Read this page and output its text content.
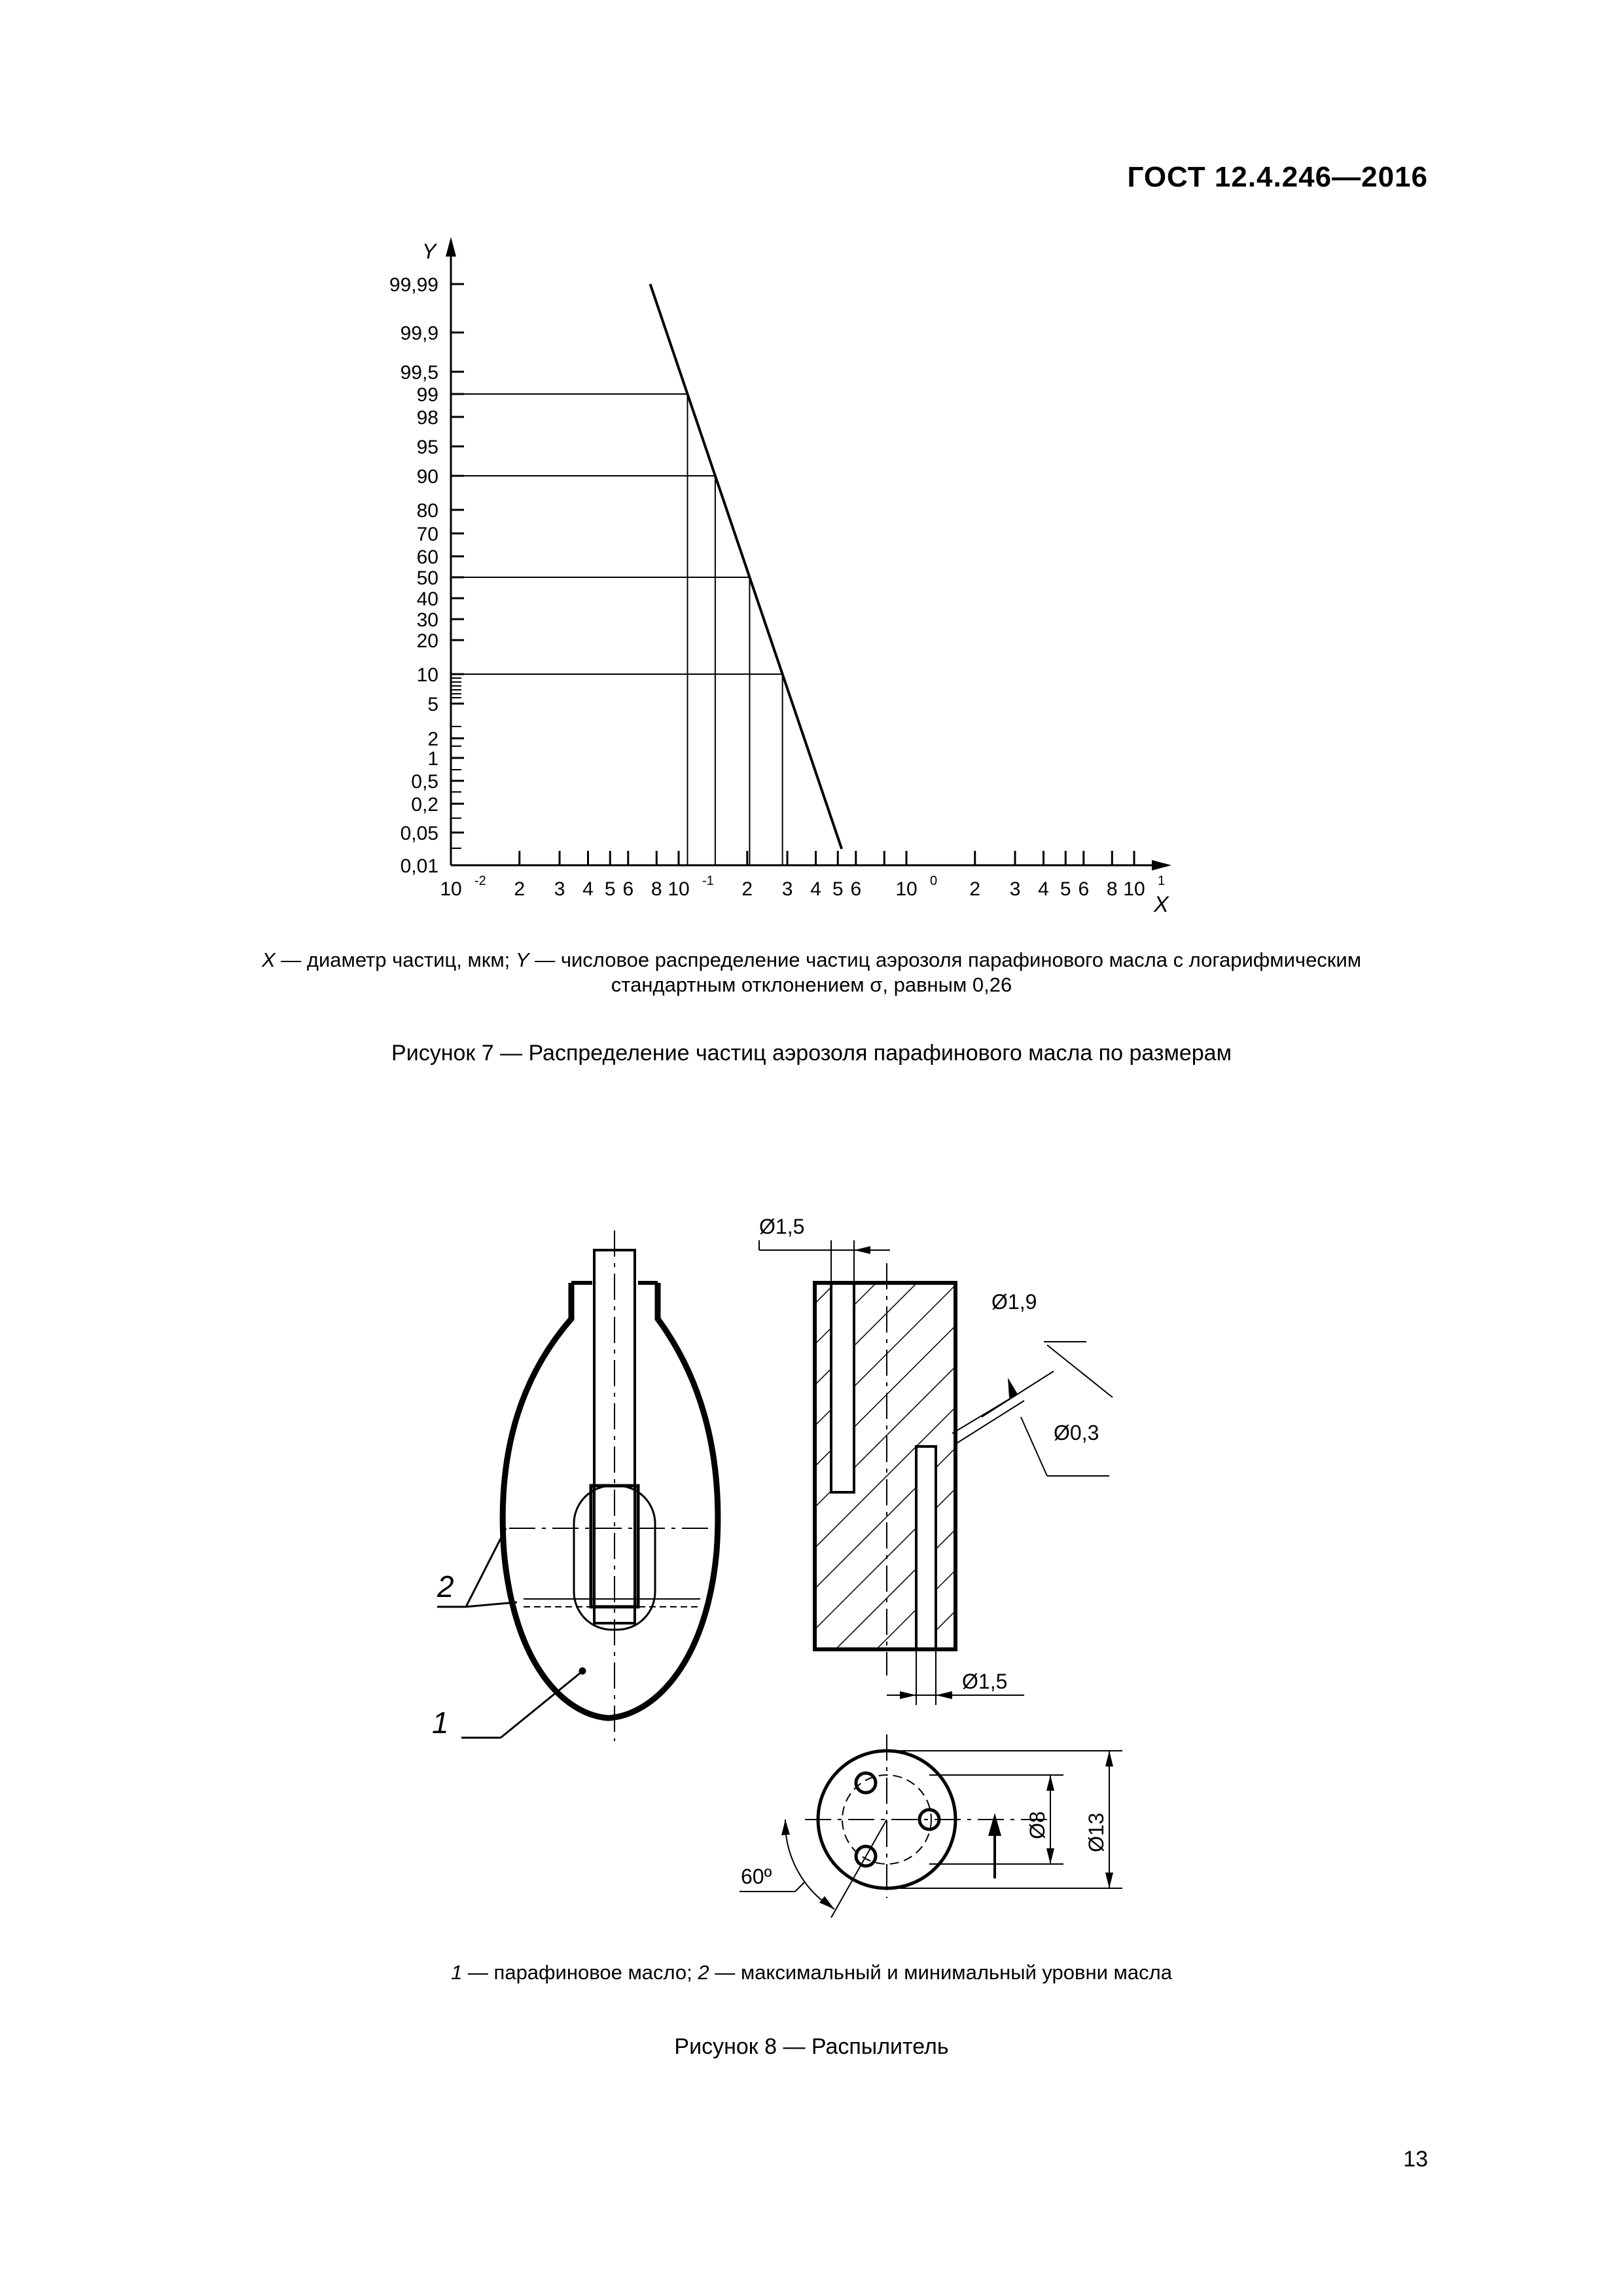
ГОСТ 12.4.246—2016
Y
X
99,99
99,9
99,5
99
98
95
90
80
70
60
50
40
30
20
10
5
2
1
0,5
0,2
0,05
0,01
10 -2 2 3 4 5 6 8 10 -1 2 3 4 5 6 10 0 2 3 4 5 6 8 10 1
X — диаметр частиц, мкм; Y — числовое распределение частиц аэрозоля парафинового масла с логарифмическим
стандартным отклонением σ, равным 0,26
Рисунок 7 — Распределение частиц аэрозоля парафинового масла по размерам
2
1
Ø1,5
Ø1,9
Ø0,3
Ø1,5
Ø8 Ø13
60º
1 — парафиновое масло; 2 — максимальный и минимальный уровни масла
Рисунок 8 — Распылитель
13
